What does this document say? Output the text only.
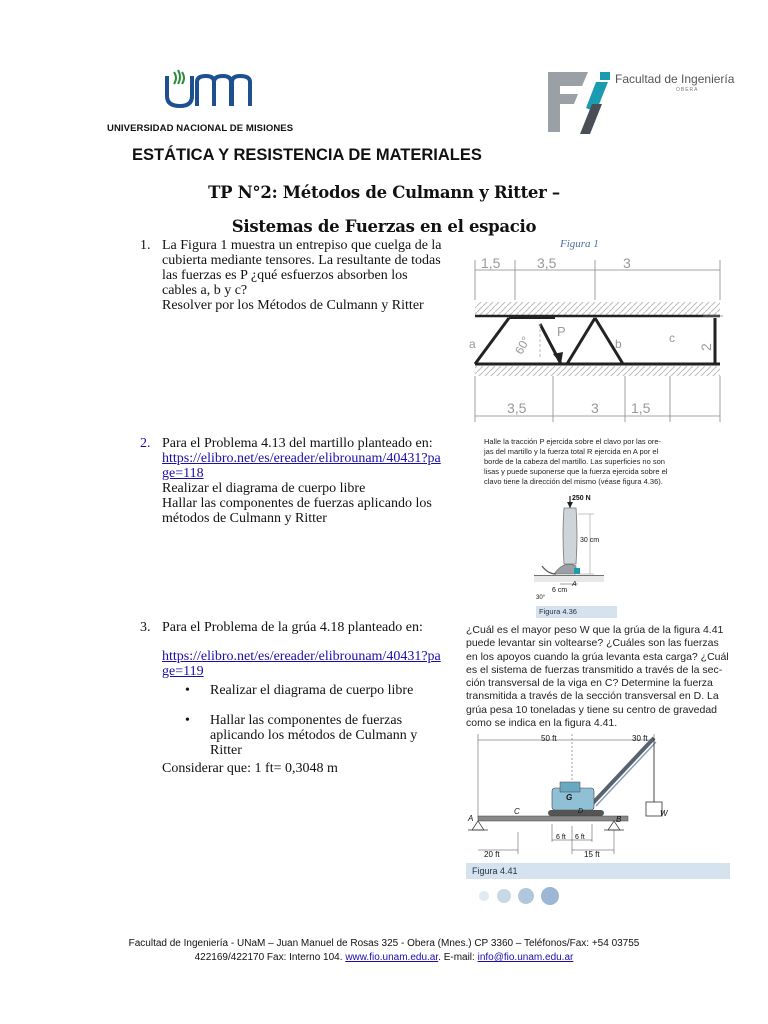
UNIVERSIDAD NACIONAL DE MISIONES
Facultad de Ingeniería
OBERA
ESTÁTICA Y RESISTENCIA DE MATERIALES
TP N°2: Métodos de Culmann y Ritter –
Sistemas de Fuerzas en el espacio
1. La Figura 1 muestra un entrepiso que cuelga de la
cubierta mediante tensores. La resultante de todas
las fuerzas es P ¿qué esfuerzos absorben los
cables a, b y c?
Resolver por los Métodos de Culmann y Ritter
Figura 1
1,5	3,5	3
P
60°
a	b	c
2
3,5	3 1,5
2. Para el Problema 4.13 del martillo planteado en:
https://elibro.net/es/ereader/elibrounam/40431?pa
ge=118
Realizar el diagrama de cuerpo libre
Hallar las componentes de fuerzas aplicando los
métodos de Culmann y Ritter
Halle la tracción P ejercida sobre el clavo por las ore-
jas del martillo y la fuerza total R ejercida en A por el
borde de la cabeza del martillo. Las superficies no son
lisas y puede suponerse que la fuerza ejercida sobre el
clavo tiene la dirección del mismo (véase figura 4.36).
250 N
30 cm
A
6 cm
30°
Figura 4.36
3. Para el Problema de la grúa 4.18 planteado en:
https://elibro.net/es/ereader/elibrounam/40431?pa
ge=119
• Realizar el diagrama de cuerpo libre
• Hallar las componentes de fuerzas aplicando los métodos de Culmann y Ritter
Considerar que: 1 ft= 0,3048 m
¿Cuál es el mayor peso W que la grúa de la figura 4.41
puede levantar sin voltearse? ¿Cuáles son las fuerzas
en los apoyos cuando la grúa levanta esta carga? ¿Cuál
es el sistema de fuerzas transmitido a través de la sec-
ción transversal de la viga en C? Determine la fuerza
transmitida a través de la sección transversal en D. La
grúa pesa 10 toneladas y tiene su centro de gravedad
como se indica en la figura 4.41.
50 ft	30 ft
G
D	W
A
C
B
6 ft 6 ft
20 ft	15 ft
Figura 4.41
Facultad de Ingeniería - UNaM – Juan Manuel de Rosas 325 - Obera (Mnes.) CP 3360 – Teléfonos/Fax: +54 03755
422169/422170 Fax: Interno 104. www.fio.unam.edu.ar. E-mail: info@fio.unam.edu.ar
